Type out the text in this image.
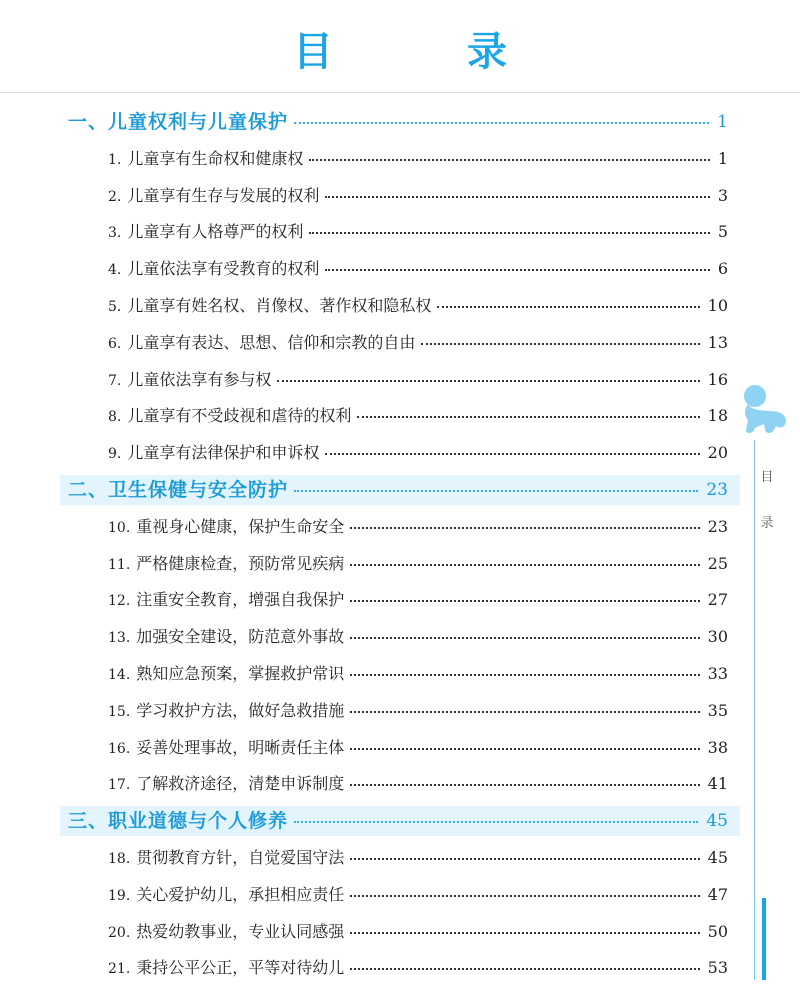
目 录
一、儿童权利与儿童保护	1
1. 儿童享有生命权和健康权	1
2. 儿童享有生存与发展的权利	3
3. 儿童享有人格尊严的权利	5
4. 儿童依法享有受教育的权利	6
5. 儿童享有姓名权、肖像权、著作权和隐私权	10
6. 儿童享有表达、思想、信仰和宗教的自由	13
7. 儿童依法享有参与权	16
8. 儿童享有不受歧视和虐待的权利	18
9. 儿童享有法律保护和申诉权	20
二、卫生保健与安全防护	23
10. 重视身心健康，保护生命安全	23
11. 严格健康检查，预防常见疾病	25
12. 注重安全教育，增强自我保护	27
13. 加强安全建设，防范意外事故	30
14. 熟知应急预案，掌握救护常识	33
15. 学习救护方法，做好急救措施	35
16. 妥善处理事故，明晰责任主体	38
17. 了解救济途径，清楚申诉制度	41
三、职业道德与个人修养	45
18. 贯彻教育方针，自觉爱国守法	45
19. 关心爱护幼儿，承担相应责任	47
20. 热爱幼教事业，专业认同感强	50
21. 秉持公平公正，平等对待幼儿	53
目
录
